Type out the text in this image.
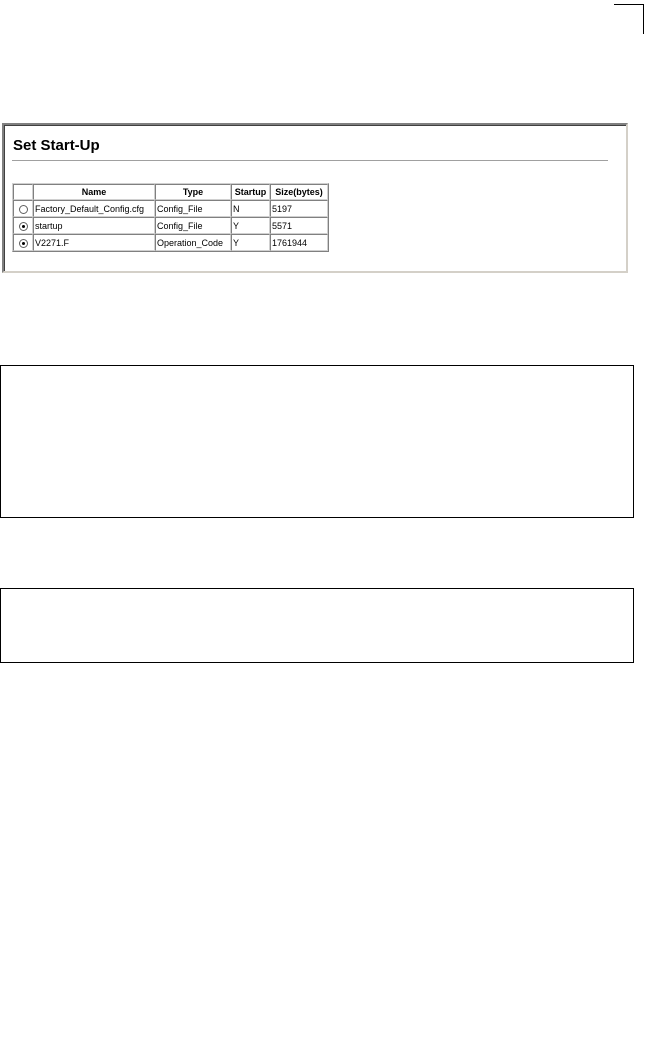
Set Start-Up
	Name	Type	Startup	Size(bytes)
	Factory_Default_Config.cfg	Config_File	N	5197
	startup	Config_File	Y	5571
	V2271.F	Operation_Code	Y	1761944
